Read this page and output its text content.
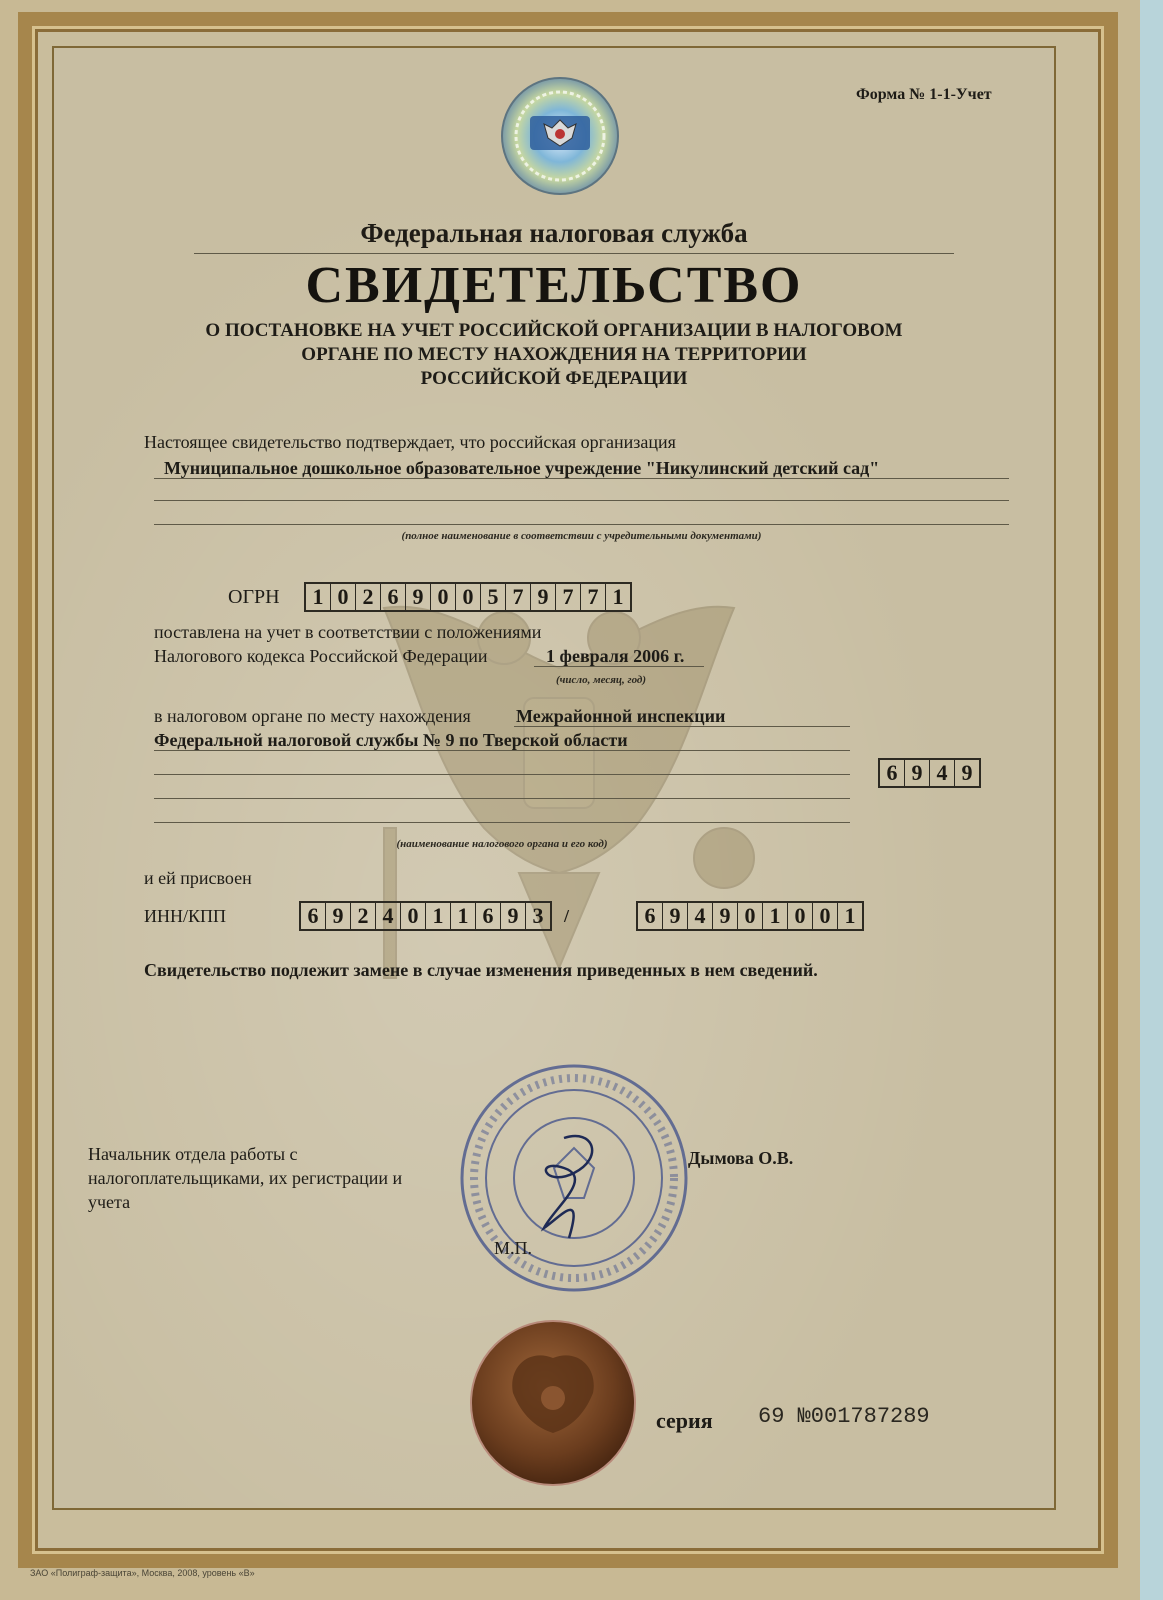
Форма № 1-1-Учет
Федеральная налоговая служба
СВИДЕТЕЛЬСТВО
О ПОСТАНОВКЕ НА УЧЕТ РОССИЙСКОЙ ОРГАНИЗАЦИИ В НАЛОГОВОМ
ОРГАНЕ ПО МЕСТУ НАХОЖДЕНИЯ НА ТЕРРИТОРИИ
РОССИЙСКОЙ ФЕДЕРАЦИИ
Настоящее свидетельство подтверждает, что российская организация
Муниципальное дошкольное образовательное учреждение "Никулинский детский сад"
(полное наименование в соответствии с учредительными документами)
ОГРН 1 0 2 6 9 0 0 5 7 9 7 7 1
поставлена на учет в соответствии с положениями
Налогового кодекса Российской Федерации	1 февраля 2006 г.
(число, месяц, год)
в налоговом органе по месту нахождения	Межрайонной инспекции
Федеральной налоговой службы № 9 по Тверской области
6 9 4 9
(наименование налогового органа и его код)
и ей присвоен
ИНН/КПП	6 9 2 4 0 1 1 6 9 3	/	6 9 4 9 0 1 0 0 1
Свидетельство подлежит замене в случае изменения приведенных в нем сведений.
Начальник отдела работы с
налогоплательщиками, их регистрации и
учета
Дымова О.В.
М.П.
серия 69 №001787289
ЗАО «Полиграф-защита», Москва, 2008, уровень «В»
